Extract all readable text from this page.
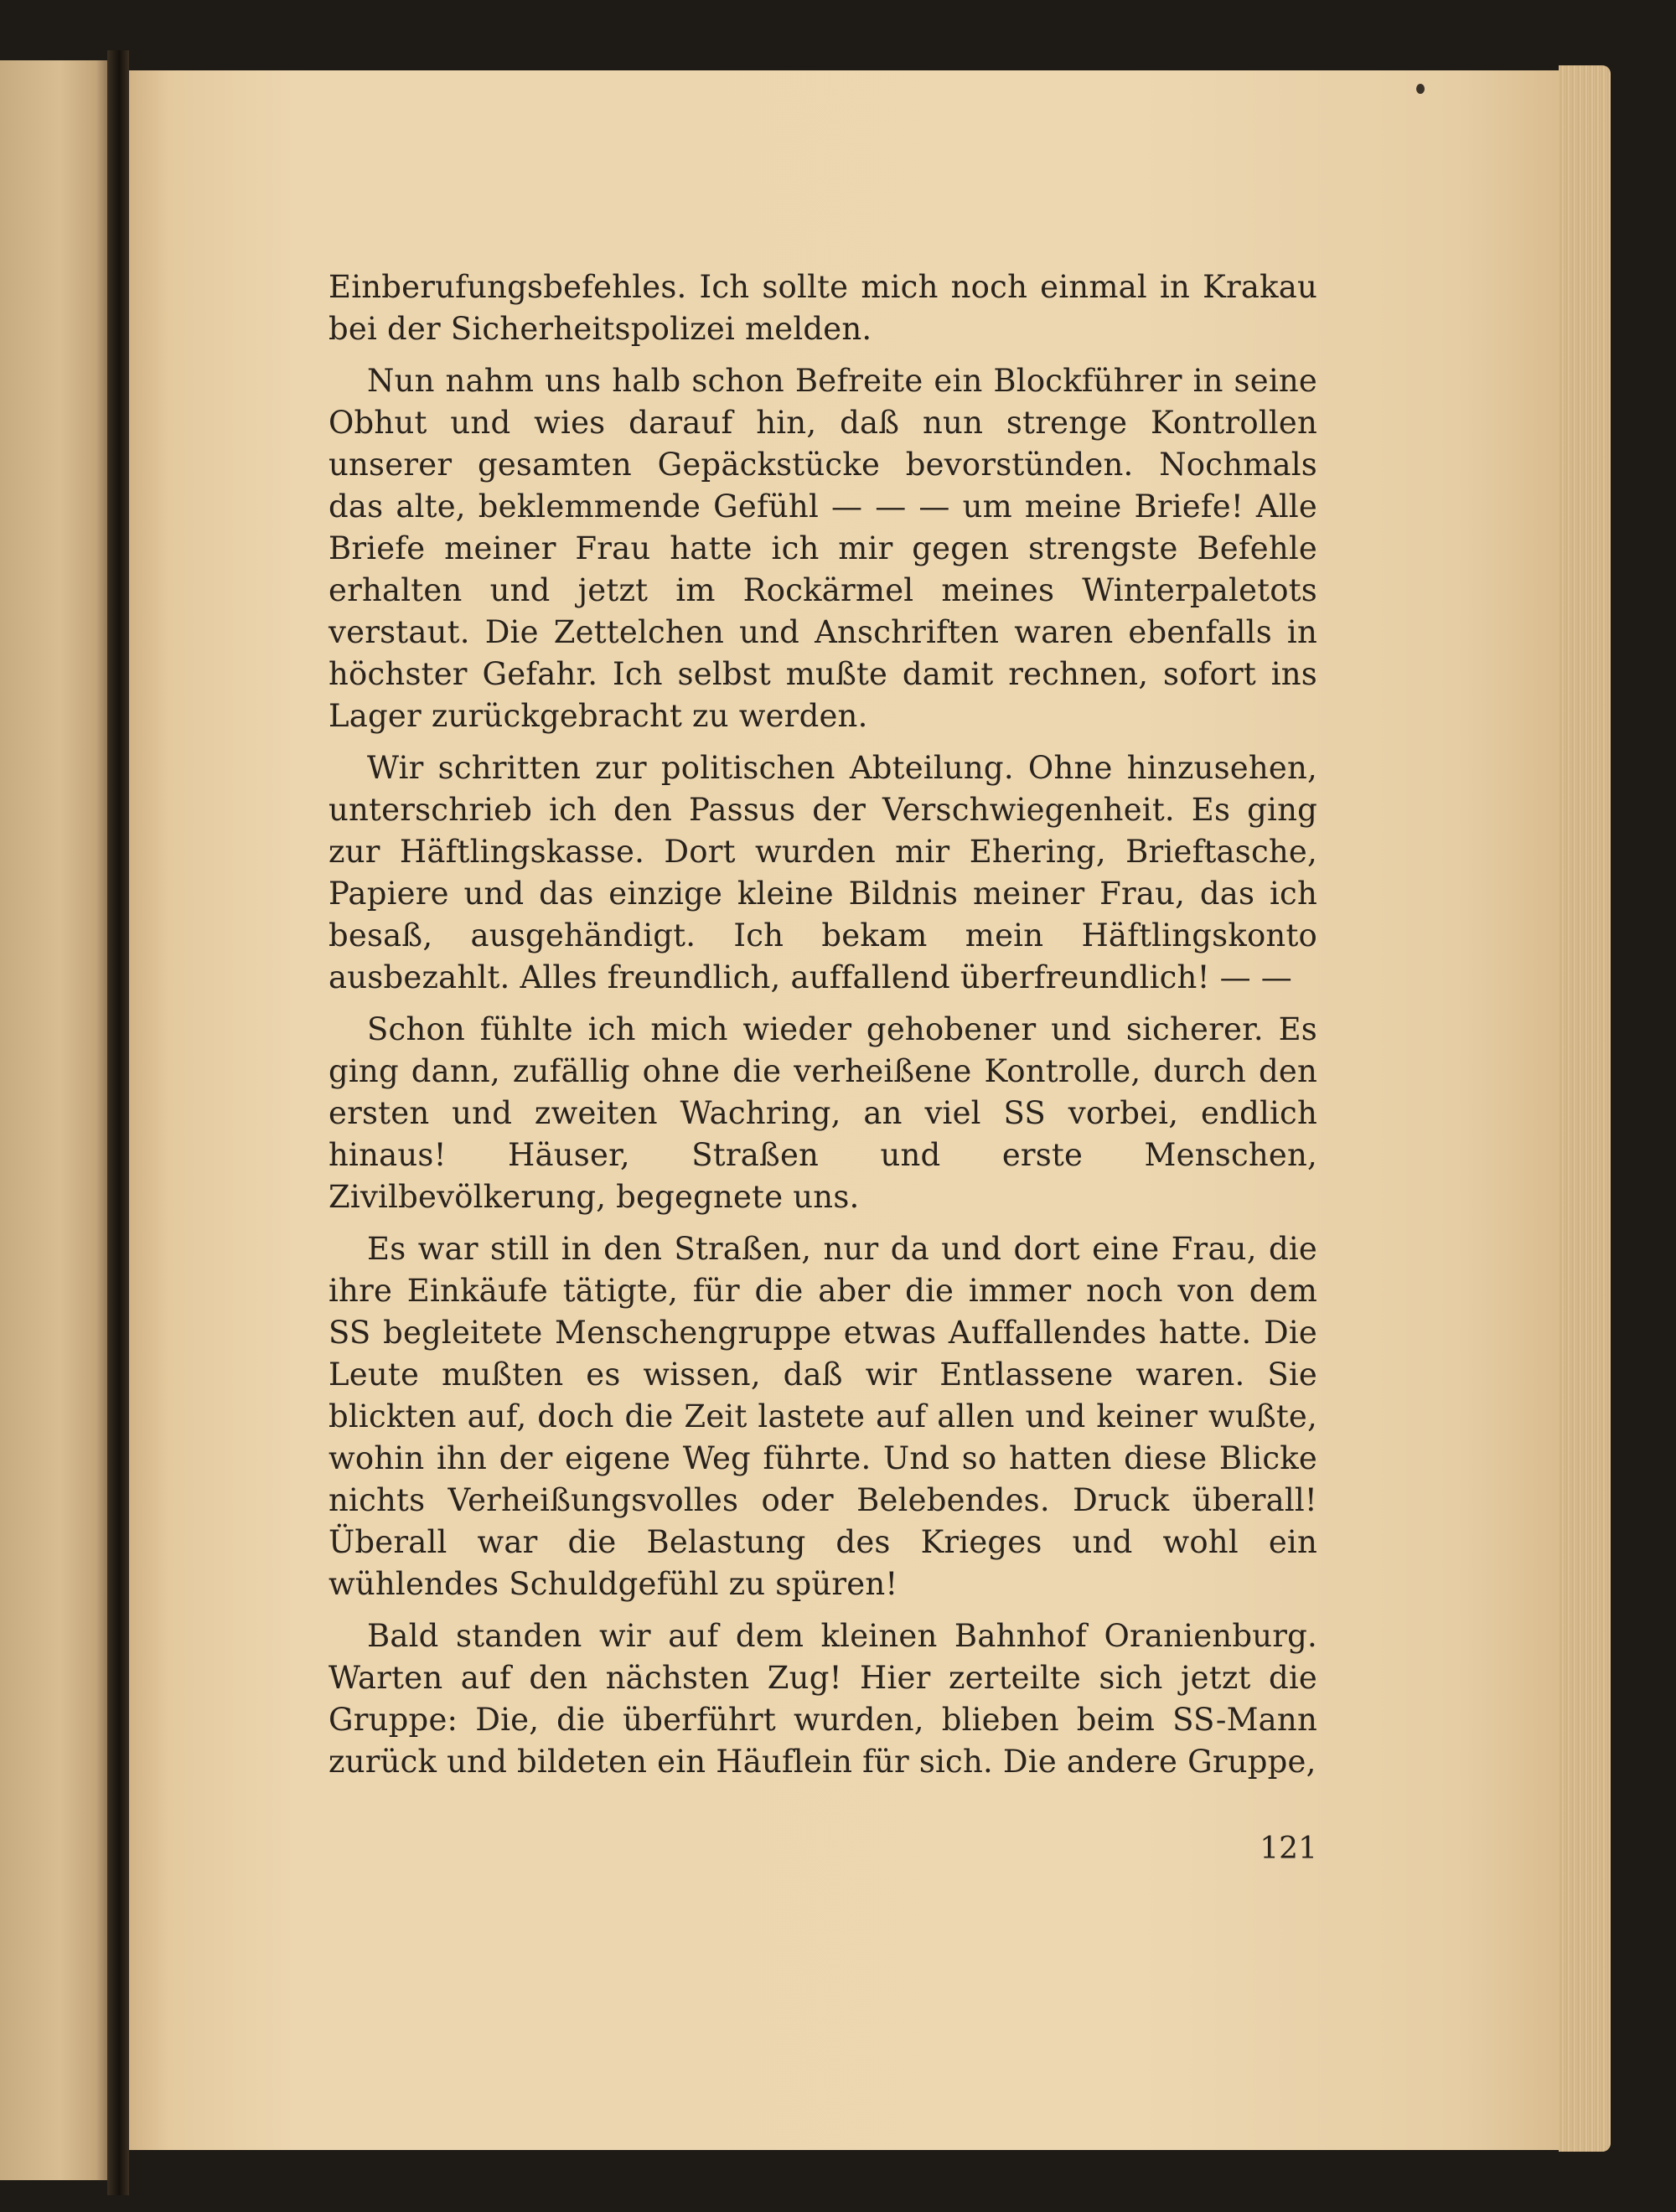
Einberufungsbefehles. Ich sollte mich noch einmal in Krakau bei der Sicherheitspolizei melden.

Nun nahm uns halb schon Befreite ein Blockführer in seine Obhut und wies darauf hin, daß nun strenge Kontrollen unserer gesamten Gepäckstücke bevorstünden. Nochmals das alte, beklemmende Gefühl — — — um meine Briefe! Alle Briefe meiner Frau hatte ich mir gegen strengste Befehle erhalten und jetzt im Rockärmel meines Winterpaletots verstaut. Die Zettelchen und Anschriften waren ebenfalls in höchster Gefahr. Ich selbst mußte damit rechnen, sofort ins Lager zurückgebracht zu werden.

Wir schritten zur politischen Abteilung. Ohne hinzusehen, unterschrieb ich den Passus der Verschwiegenheit. Es ging zur Häftlingskasse. Dort wurden mir Ehering, Brieftasche, Papiere und das einzige kleine Bildnis meiner Frau, das ich besaß, ausgehändigt. Ich bekam mein Häftlingskonto ausbezahlt. Alles freundlich, auffallend überfreundlich! — —

Schon fühlte ich mich wieder gehobener und sicherer. Es ging dann, zufällig ohne die verheißene Kontrolle, durch den ersten und zweiten Wachring, an viel SS vorbei, endlich hinaus! Häuser, Straßen und erste Menschen, Zivilbevölkerung, begegnete uns.

Es war still in den Straßen, nur da und dort eine Frau, die ihre Einkäufe tätigte, für die aber die immer noch von dem SS begleitete Menschengruppe etwas Auffallendes hatte. Die Leute mußten es wissen, daß wir Entlassene waren. Sie blickten auf, doch die Zeit lastete auf allen und keiner wußte, wohin ihn der eigene Weg führte. Und so hatten diese Blicke nichts Verheißungsvolles oder Belebendes. Druck überall! Überall war die Belastung des Krieges und wohl ein wühlendes Schuldgefühl zu spüren!

Bald standen wir auf dem kleinen Bahnhof Oranienburg. Warten auf den nächsten Zug! Hier zerteilte sich jetzt die Gruppe: Die, die überführt wurden, blieben beim SS-Mann zurück und bildeten ein Häuflein für sich. Die andere Gruppe,

121
